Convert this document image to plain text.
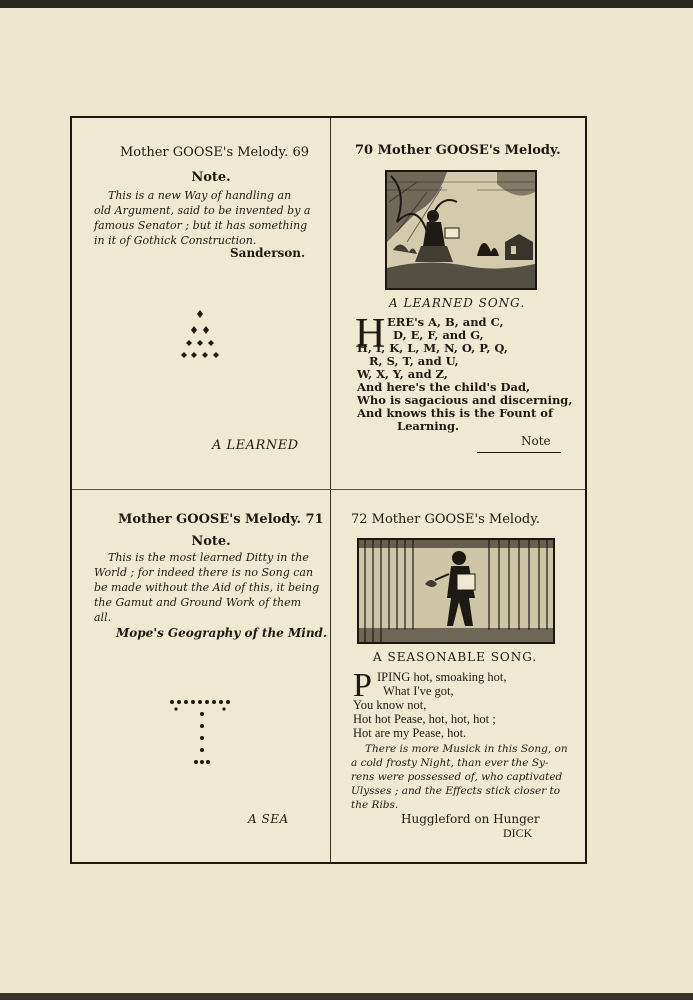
Mother GOOSE's Melody. 69
Note.
This is a new Way of handling an
old Argument, said to be invented by a
famous Senator ; but it has something
in it of Gothick Construction.
Sanderson.
A LEARNED
70 Mother GOOSE's Melody.
A LEARNED SONG.
H ERE's A, B, and C,
D, E, F, and G,
H, I, K, L, M, N, O, P, Q,
R, S, T, and U,
W, X, Y, and Z,
And here's the child's Dad,
Who is sagacious and discerning,
And knows this is the Fount of
Learning.
Note
Mother GOOSE's Melody. 71
Note.
This is the most learned Ditty in the
World ; for indeed there is no Song can
be made without the Aid of this, it being
the Gamut and Ground Work of them
all.
Mope's Geography of the Mind.
A SEA
72 Mother GOOSE's Melody.
A SEASONABLE SONG.
P IPING hot, smoaking hot,
What I've got,
You know not,
Hot hot Pease, hot, hot, hot ;
Hot are my Pease, hot.
There is more Musick in this Song, on
a cold frosty Night, than ever the Sy-
rens were possessed of, who captivated
Ulysses ; and the Effects stick closer to
the Ribs.
Huggleford on Hunger
DICK
